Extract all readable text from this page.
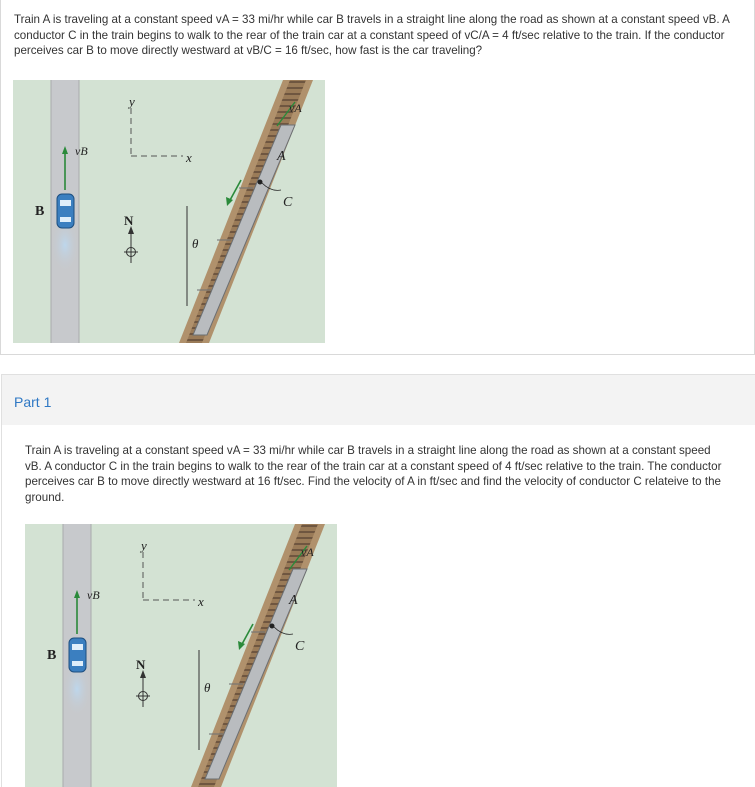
Train A is traveling at a constant speed vA = 33 mi/hr while car B travels in a straight line along the road as shown at a constant speed vB. A conductor C in the train begins to walk to the rear of the train car at a constant speed of vC/A = 4 ft/sec relative to the train. If the conductor perceives car B to move directly westward at vB/C = 16 ft/sec, how fast is the car traveling?
y
x
vB
B
N
θ
A
C
vA
Part 1
Train A is traveling at a constant speed vA = 33 mi/hr while car B travels in a straight line along the road as shown at a constant speed vB. A conductor C in the train begins to walk to the rear of the train car at a constant speed of 4 ft/sec relative to the train. The conductor perceives car B to move directly westward at 16 ft/sec. Find the velocity of A in ft/sec and find the velocity of conductor C relateive to the ground.
y
x
vB
B
N
θ
A
C
vA
